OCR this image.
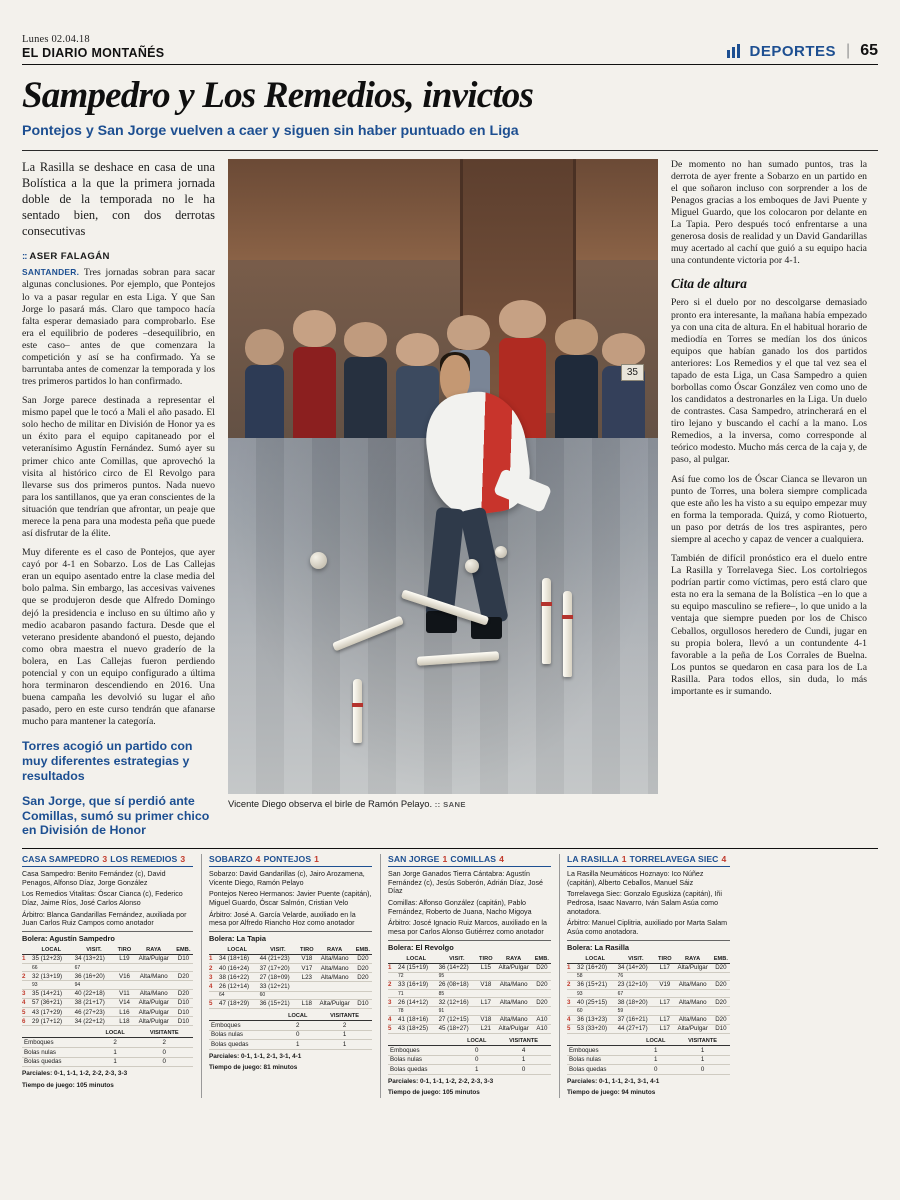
Lunes 02.04.18
EL DIARIO MONTAÑÉS	DEPORTES | 65
Sampedro y Los Remedios, invictos
Pontejos y San Jorge vuelven a caer y siguen sin haber puntuado en Liga
La Rasilla se deshace en casa de una Bolística a la que la primera jornada doble de la temporada no le ha sentado bien, con dos derrotas consecutivas
:: ASER FALAGÁN

SANTANDER. Tres jornadas sobran para sacar algunas conclusiones. Por ejemplo, que Pontejos lo va a pasar regular en esta Liga. Y que San Jorge lo pasará más. Claro que tampoco hacía falta esperar demasiado para comprobarlo. Ese era el equilibrio de poderes –desequilibrio, en este caso– antes de que comenzara la competición y así se ha confirmado. Ya se barruntaba antes de comenzar la temporada y los tres primeros partidos lo han confirmado.

San Jorge parece destinada a representar el mismo papel que le tocó a Mali el año pasado. El solo hecho de militar en División de Honor ya es un éxito para el equipo capitaneado por el veteranísimo Agustín Fernández. Sumó ayer su primer chico ante Comillas, que aprovechó la visita al histórico circo de El Revolgo para llevarse sus dos primeros puntos. Nada nuevo para los santillanos, que ya eran conscientes de la situación que tendrían que afrontar, un peaje que merece la pena para una modesta peña que puede así disfrutar de la élite.

Muy diferente es el caso de Pontejos, que ayer cayó por 4-1 en Sobarzo. Los de Las Callejas eran un equipo asentado entre la clase media del bolo palma. Sin embargo, las accesivas vaivenes que se produjeron desde que Alfredo Domingo dejó la presidencia e incluso en su último año y medio acabaron pasando factura. Desde que el veterano presidente abandonó el puesto, dejando como obra maestra el nuevo graderío de la bolera, en Las Callejas fueron perdiendo potencial y con un equipo configurado a última hora terminaron descendiendo en 2016. Una buena campaña les devolvió su lugar el año pasado, pero en este curso tendrán que afanarse mucho para mantener la categoría.

Torres acogió un partido con muy diferentes estrategias y resultados
San Jorge, que sí perdió ante Comillas, sumó su primer chico en División de Honor
35
Vicente Diego observa el birle de Ramón Pelayo. :: SANE

De momento no han sumado puntos, tras la derrota de ayer frente a Sobarzo en un partido en el que soñaron incluso con sorprender a los de Penagos gracias a los emboques de Javi Puente y Miguel Guardo, que los colocaron por delante en La Tapia. Pero después tocó enfrentarse a una generosa dosis de realidad y un David Gandarillas muy acertado al cachí que guió a su equipo hacia una contundente victoria por 4-1.

Cita de altura

Pero si el duelo por no descolgarse demasiado pronto era interesante, la mañana había empezado ya con una cita de altura. En el habitual horario de mediodía en Torres se medían los dos únicos equipos que habían ganado los dos partidos anteriores: Los Remedios y el que tal vez sea el tapado de esta Liga, un Casa Sampedro a quien borbollas como Óscar González ven como uno de los candidatos a destronarles en la Liga. Un duelo de contrastes. Casa Sampedro, atrincherará en el tiro lejano y buscando el cachí a la mano. Los Remedios, a la inversa, como corresponde al teórico modesto. Mucho más cerca de la caja y, de paso, al pulgar.

Así fue como los de Óscar Cianca se llevaron un punto de Torres, una bolera siempre complicada que este año les ha visto a su equipo empezar muy en forma la temporada. Quizá, y como Riotuerto, un paso por detrás de los tres aspirantes, pero siempre al acecho y capaz de vencer a cualquiera.

También de difícil pronóstico era el duelo entre La Rasilla y Torrelavega Siec. Los cortolriegos podrían partir como víctimas, pero está claro que esta no era la semana de la Bolística –en lo que a su equipo masculino se refiere–, lo que unido a la ventaja que siempre pueden por los de Chisco Ceballos, orgullosos heredero de Cundi, jugar en su propia bolera, llevó a un contundente 4-1 favorable a la peña de Los Corrales de Buelna. Los puntos se quedaron en casa para los de La Rasilla. Para todos ellos, sin duda, lo más importante es ir sumando.

CASA SAMPEDRO 3 LOS REMEDIOS 3
Casa Sampedro: Benito Fernández (c), David Penagos, Alfonso Díaz, Jorge González
Los Remedios Vitalitas: Óscar Cianca (c), Federico Díaz, Jaime Ríos, José Carlos Alonso
Árbitro: Blanca Gandarillas Fernández, auxiliada por Juan Carlos Ruiz Campos como anotador
Bolera: Agustín Sampedro
	LOCAL	VISIT.	TIRO	RAYA	EMB.
1	35 (12+23)	34 (13+21)	L19	Alta/Pulgar	D10
	66	67			
2	32 (13+19)	36 (16+20)	V16	Alta/Mano	D20
	93	94			
3	35 (14+21)	40 (22+18)	V11	Alta/Mano	D20
4	57 (36+21)	38 (21+17)	V14	Alta/Pulgar	D10
5	43 (17+29)	46 (27+23)	L16	Alta/Pulgar	D10
6	29 (17+12)	34 (22+12)	L18	Alta/Pulgar	D10
	LOCAL	VISITANTE
Emboques	2	2
Bolas nulas	1	0
Bolas quedas	1	0
Parciales: 0-1, 1-1, 1-2, 2-2, 2-3, 3-3
Tiempo de juego: 105 minutos
SOBARZO 4 PONTEJOS 1
Sobarzo: David Gandarillas (c), Jairo Arozamena, Vicente Diego, Ramón Pelayo
Pontejos Nereo Hermanos: Javier Puente (capitán), Miguel Guardo, Óscar Salmón, Cristian Velo
Árbitro: José A. García Velarde, auxiliado en la mesa por Alfredo Riancho Hoz como anotador
Bolera: La Tapia
	LOCAL	VISIT.	TIRO	RAYA	EMB.
1	34 (18+16)	44 (21+23)	V18	Alta/Mano	D20
2	40 (16+24)	37 (17+20)	V17	Alta/Mano	D20
3	38 (16+22)	27 (18+09)	L23	Alta/Mano	D20
4	26 (12+14)	33 (12+21)			
	64	60			
5	47 (18+29)	36 (15+21)	L18	Alta/Pulgar	D10
	LOCAL	VISITANTE
Emboques	2	2
Bolas nulas	0	1
Bolas quedas	1	1
Parciales: 0-1, 1-1, 2-1, 3-1, 4-1
Tiempo de juego: 81 minutos
SAN JORGE 1 COMILLAS 4
San Jorge Ganados Tierra Cántabra: Agustín Fernández (c), Jesús Soberón, Adrián Díaz, José Díaz
Comillas: Alfonso González (capitán), Pablo Fernández, Roberto de Juana, Nacho Migoya
Árbitro: Joscé Ignacio Ruiz Marcos, auxiliado en la mesa por Carlos Alonso Gutiérrez como anotador
Bolera: El Revolgo
	LOCAL	VISIT.	TIRO	RAYA	EMB.
1	24 (15+19)	36 (14+22)	L15	Alta/Pulgar	D20
	72	95			
2	33 (16+19)	26 (08+18)	V18	Alta/Mano	D20
	71	85			
3	26 (14+12)	32 (12+16)	L17	Alta/Mano	D20
	78	91			
4	41 (18+16)	27 (12+15)	V18	Alta/Mano	A10
5	43 (18+25)	45 (18+27)	L21	Alta/Pulgar	A10
	LOCAL	VISITANTE
Emboques	0	4
Bolas nulas	0	1
Bolas quedas	1	0
Parciales: 0-1, 1-1, 1-2, 2-2, 2-3, 3-3
Tiempo de juego: 105 minutos
LA RASILLA 1 TORRELAVEGA SIEC 4
La Rasilla Neumáticos Hoznayo: Ico Núñez (capitán), Alberto Ceballos, Manuel Sáiz
Torrelavega Siec: Gonzalo Eguskiza (capitán), Iñi Pedrosa, Isaac Navarro, Iván Salam Asúa como anotadora.
Árbitro: Manuel Ciplitria, auxiliado por Marta Salam Asúa como anotadora.
Bolera: La Rasilla
	LOCAL	VISIT.	TIRO	RAYA	EMB.
1	32 (16+20)	34 (14+20)	L17	Alta/Pulgar	D20
	58	76			
2	36 (15+21)	23 (12+10)	V19	Alta/Mano	D20
	93	67			
3	40 (25+15)	38 (18+20)	L17	Alta/Mano	D20
	60	59			
4	36 (13+23)	37 (16+21)	L17	Alta/Mano	D20
5	53 (33+20)	44 (27+17)	L17	Alta/Pulgar	D10
	LOCAL	VISITANTE
Emboques	1	1
Bolas nulas	1	1
Bolas quedas	0	0
Parciales: 0-1, 1-1, 2-1, 3-1, 4-1
Tiempo de juego: 94 minutos
